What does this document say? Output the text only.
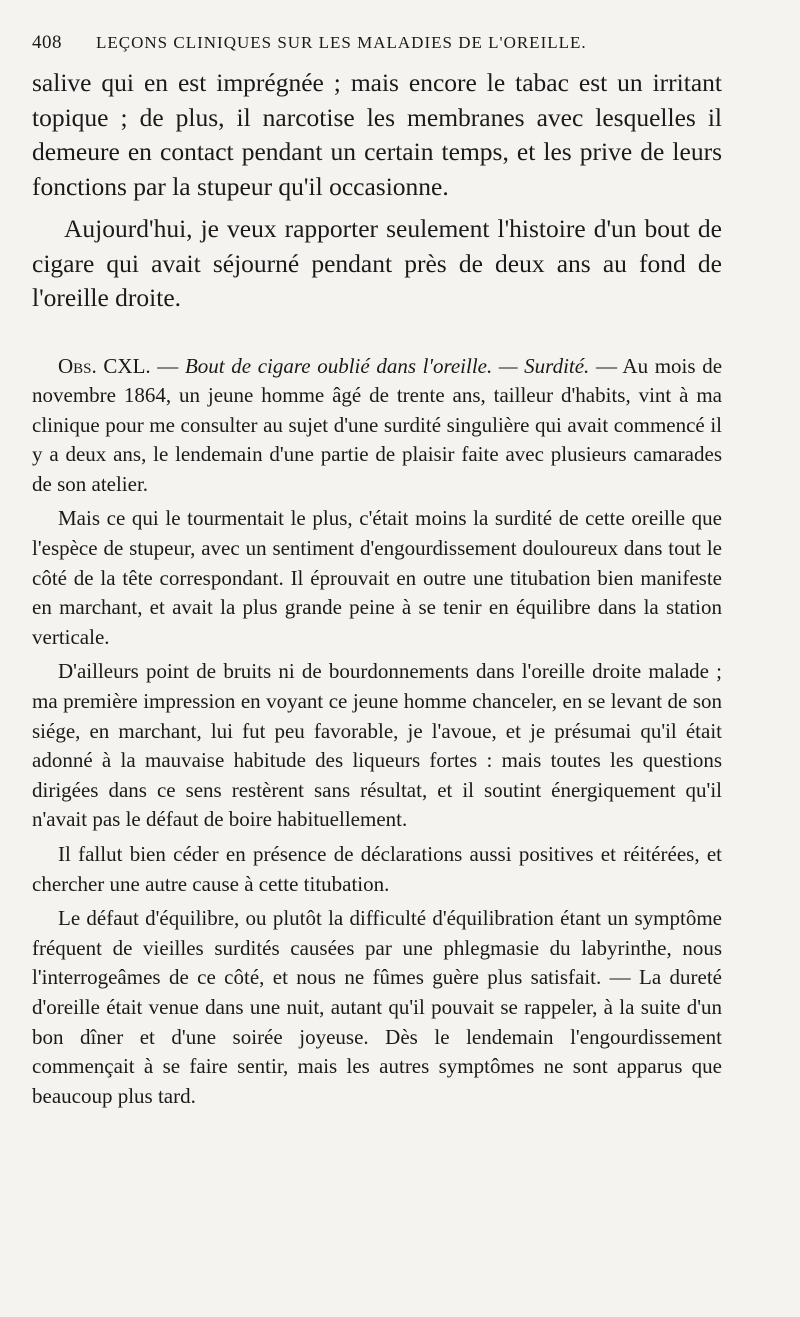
408	LEÇONS CLINIQUES SUR LES MALADIES DE L'OREILLE.

salive qui en est imprégnée ; mais encore le tabac est un irritant topique ; de plus, il narcotise les membranes avec lesquelles il demeure en contact pendant un certain temps, et les prive de leurs fonctions par la stupeur qu'il occasionne.

Aujourd'hui, je veux rapporter seulement l'histoire d'un bout de cigare qui avait séjourné pendant près de deux ans au fond de l'oreille droite.

Obs. CXL. — Bout de cigare oublié dans l'oreille. — Surdité. — Au mois de novembre 1864, un jeune homme âgé de trente ans, tailleur d'habits, vint à ma clinique pour me consulter au sujet d'une surdité singulière qui avait commencé il y a deux ans, le lendemain d'une partie de plaisir faite avec plusieurs camarades de son atelier.

Mais ce qui le tourmentait le plus, c'était moins la surdité de cette oreille que l'espèce de stupeur, avec un sentiment d'engourdissement douloureux dans tout le côté de la tête correspondant. Il éprouvait en outre une titubation bien manifeste en marchant, et avait la plus grande peine à se tenir en équilibre dans la station verticale.

D'ailleurs point de bruits ni de bourdonnements dans l'oreille droite malade ; ma première impression en voyant ce jeune homme chanceler, en se levant de son siége, en marchant, lui fut peu favorable, je l'avoue, et je présumai qu'il était adonné à la mauvaise habitude des liqueurs fortes : mais toutes les questions dirigées dans ce sens restèrent sans résultat, et il soutint énergiquement qu'il n'avait pas le défaut de boire habituellement.

Il fallut bien céder en présence de déclarations aussi positives et réitérées, et chercher une autre cause à cette titubation.

Le défaut d'équilibre, ou plutôt la difficulté d'équilibration étant un symptôme fréquent de vieilles surdités causées par une phlegmasie du labyrinthe, nous l'interrogeâmes de ce côté, et nous ne fûmes guère plus satisfait. — La dureté d'oreille était venue dans une nuit, autant qu'il pouvait se rappeler, à la suite d'un bon dîner et d'une soirée joyeuse. Dès le lendemain l'engourdissement commençait à se faire sentir, mais les autres symptômes ne sont apparus que beaucoup plus tard.
